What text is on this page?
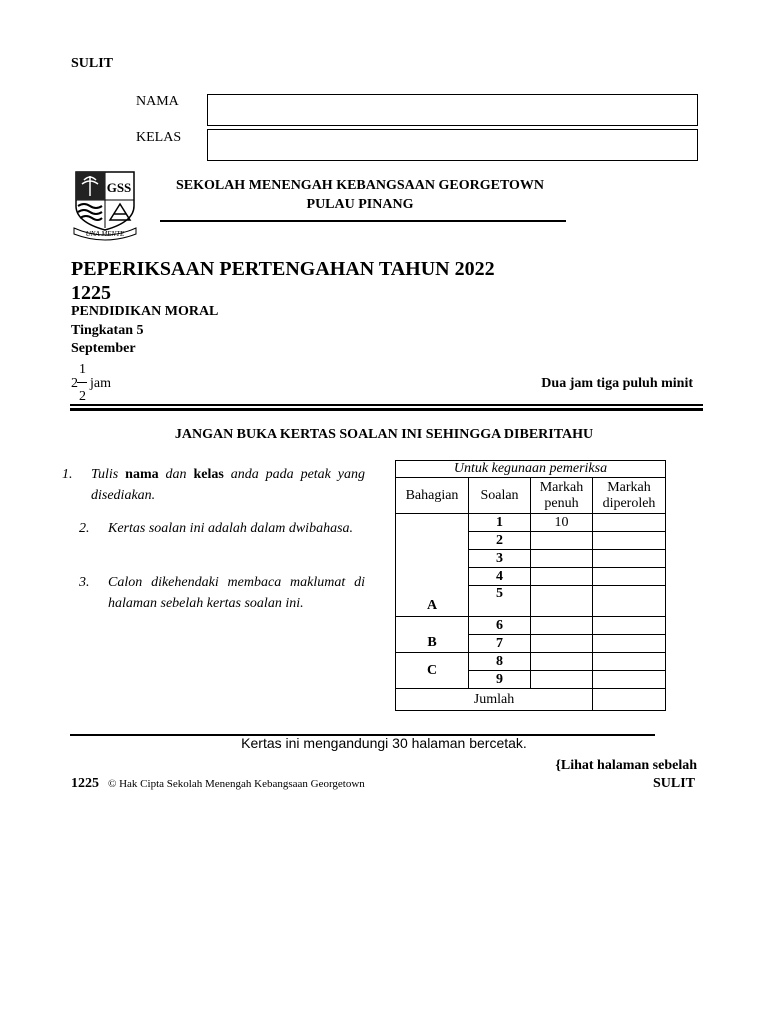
SULIT
NAMA
KELAS
GSS
UNA MENTE
SEKOLAH MENENGAH KEBANGSAAN GEORGETOWN
PULAU PINANG
PEPERIKSAAN PERTENGAHAN TAHUN 2022
1225
PENDIDIKAN MORAL
Tingkatan 5
September
2
1
2
jam	Dua jam tiga puluh minit
JANGAN BUKA KERTAS SOALAN INI SEHINGGA DIBERITAHU
1. Tulis nama dan kelas anda pada petak yang disediakan.
2. Kertas soalan ini adalah dalam dwibahasa.
3. Calon dikehendaki membaca maklumat di halaman sebelah kertas soalan ini.
Untuk kegunaan pemeriksa			
Bahagian	Soalan	Markah penuh	Markah diperoleh
A	1	10	
	2		
	3		
	4		
	5		
B	6		
	7		
C	8		
	9		
Jumlah			
Kertas ini mengandungi 30 halaman bercetak.
{Lihat halaman sebelah
1225 © Hak Cipta Sekolah Menengah Kebangsaan Georgetown	SULIT
